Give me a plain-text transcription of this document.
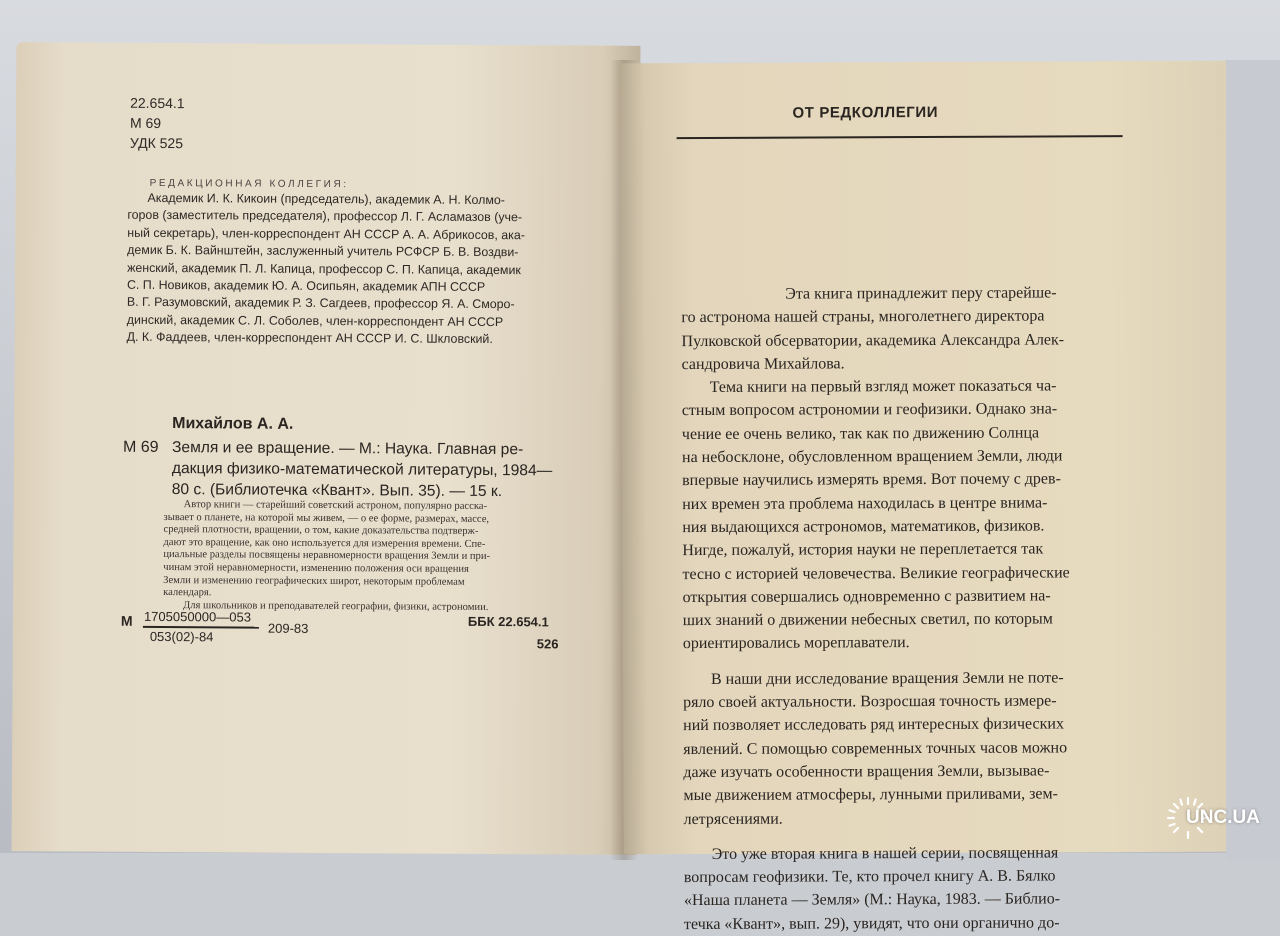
22.654.1
М 69
УДК 525
РЕДАКЦИОННАЯ КОЛЛЕГИЯ:
Академик И. К. Кикоин (председатель), академик А. Н. Колмо-
горов (заместитель председателя), профессор Л. Г. Асламазов (уче-
ный секретарь), член-корреспондент АН СССР А. А. Абрикосов, ака-
демик Б. К. Вайнштейн, заслуженный учитель РСФСР Б. В. Воздви-
женский, академик П. Л. Капица, профессор С. П. Капица, академик
С. П. Новиков, академик Ю. А. Осипьян, академик АПН СССР
В. Г. Разумовский, академик Р. З. Сагдеев, профессор Я. А. Сморо-
динский, академик С. Л. Соболев, член-корреспондент АН СССР
Д. К. Фаддеев, член-корреспондент АН СССР И. С. Шкловский.
Михайлов А. А.
М 69 Земля и ее вращение. — М.: Наука. Главная ре-
дакция физико-математической литературы, 1984—
80 с. (Библиотечка «Квант». Вып. 35). — 15 к.
Автор книги — старейший советский астроном, популярно расска-
зывает о планете, на которой мы живем, — о ее форме, размерах, массе,
средней плотности, вращении, о том, какие доказательства подтверж-
дают это вращение, как оно используется для измерения времени. Спе-
циальные разделы посвящены неравномерности вращения Земли и при-
чинам этой неравномерности, изменению положения оси вращения
Земли и изменению географических широт, некоторым проблемам
календаря.
Для школьников и преподавателей географии, физики, астрономии.
М 1705050000—053
053(02)-84
209-83	ББК 22.654.1
526
ОТ РЕДКОЛЛЕГИИ
Эта книга принадлежит перу старейше-
го астронома нашей страны, многолетнего директора
Пулковской обсерватории, академика Александра Алек-
сандровича Михайлова.
Тема книги на первый взгляд может показаться ча-
стным вопросом астрономии и геофизики. Однако зна-
чение ее очень велико, так как по движению Солнца
на небосклоне, обусловленном вращением Земли, люди
впервые научились измерять время. Вот почему с древ-
них времен эта проблема находилась в центре внима-
ния выдающихся астрономов, математиков, физиков.
Нигде, пожалуй, история науки не переплетается так
тесно с историей человечества. Великие географические
открытия совершались одновременно с развитием на-
ших знаний о движении небесных светил, по которым
ориентировались мореплаватели.
В наши дни исследование вращения Земли не поте-
ряло своей актуальности. Возросшая точность измере-
ний позволяет исследовать ряд интересных физических
явлений. С помощью современных точных часов можно
даже изучать особенности вращения Земли, вызывае-
мые движением атмосферы, лунными приливами, зем-
летрясениями.
Это уже вторая книга в нашей серии, посвященная
вопросам геофизики. Те, кто прочел книгу А. В. Бялко
«Наша планета — Земля» (М.: Наука, 1983. — Библио-
течка «Квант», вып. 29), увидят, что они органично до-
UNC.UA
